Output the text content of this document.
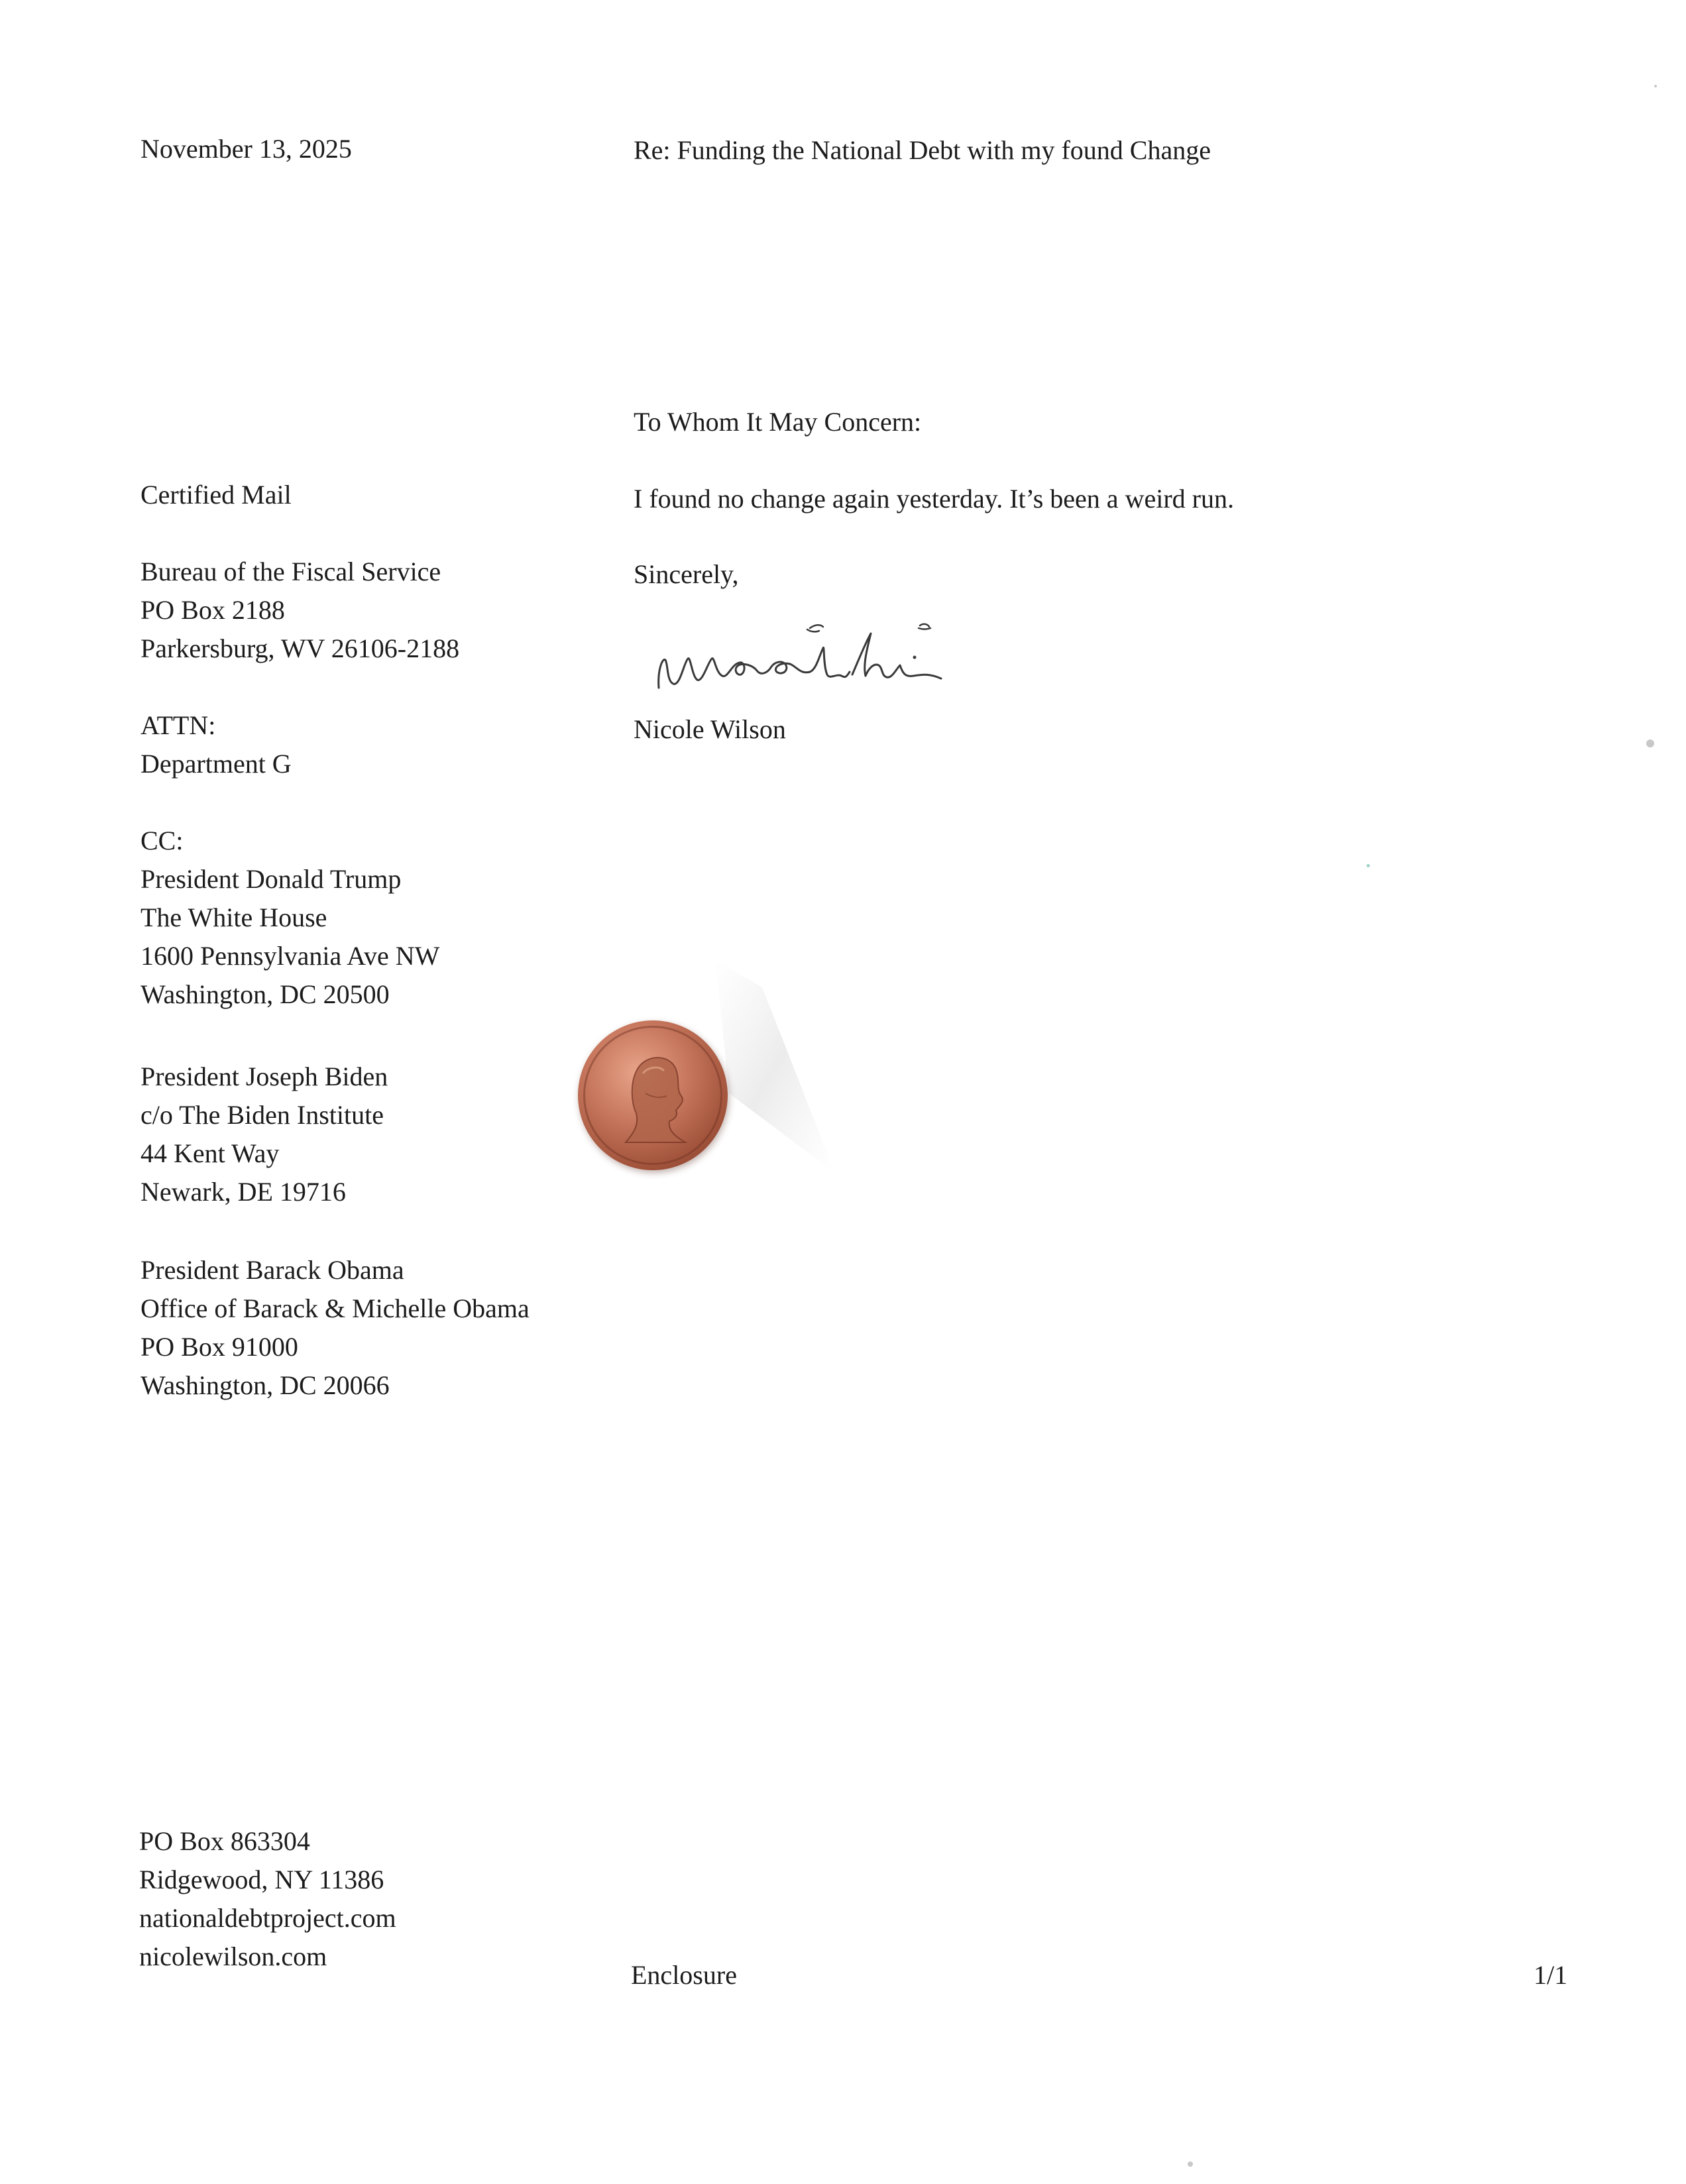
November 13, 2025	Re: Funding the National Debt with my found Change
To Whom It May Concern:
I found no change again yesterday. It’s been a weird run.
Sincerely,
Nicole Wilson
Certified Mail
Bureau of the Fiscal Service
PO Box 2188
Parkersburg, WV 26106-2188
ATTN:
Department G
CC:
President Donald Trump
The White House
1600 Pennsylvania Ave NW
Washington, DC 20500
President Joseph Biden
c/o The Biden Institute
44 Kent Way
Newark, DE 19716
President Barack Obama
Office of Barack & Michelle Obama
PO Box 91000
Washington, DC 20066
PO Box 863304
Ridgewood, NY 11386
nationaldebtproject.com
nicolewilson.com
Enclosure	1/1
